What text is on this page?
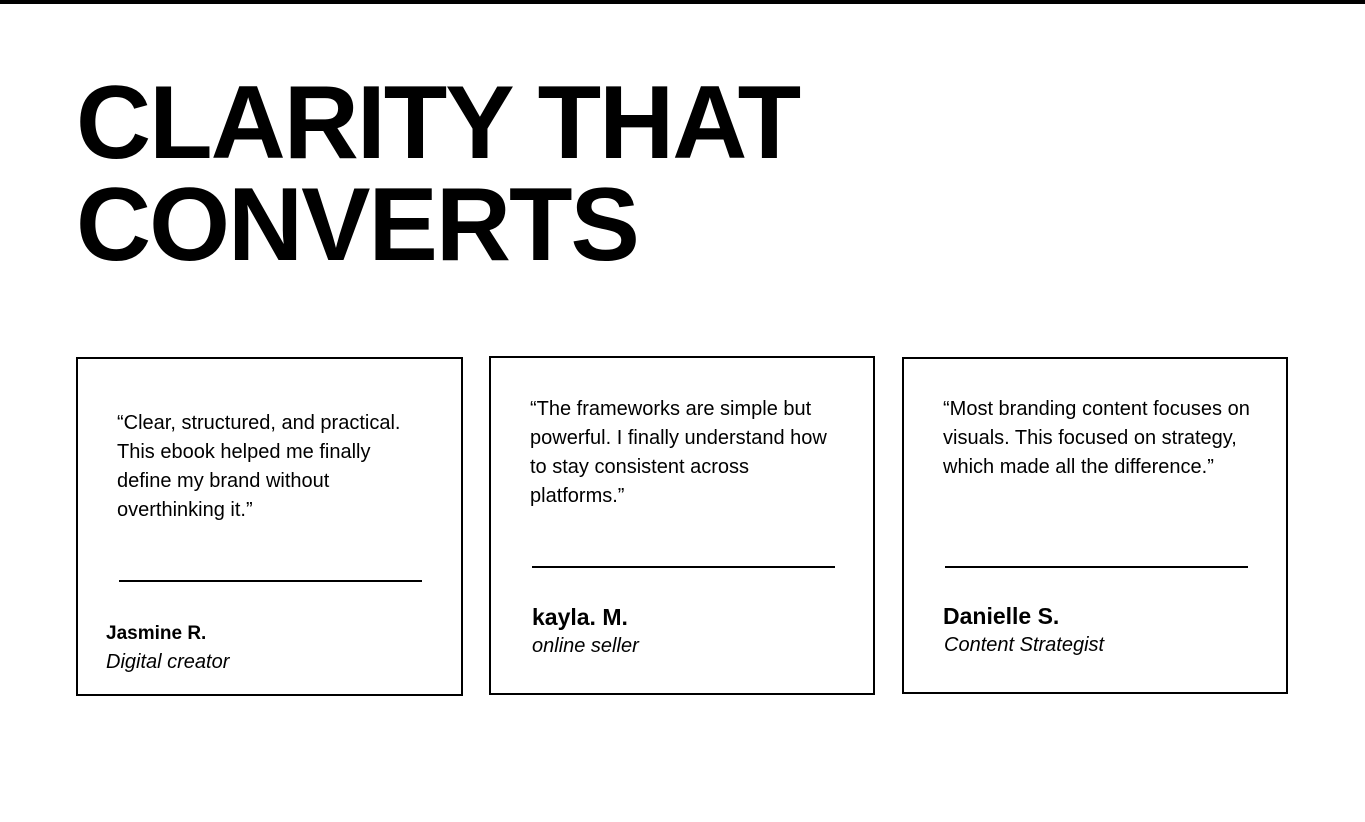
CLARITY THAT
CONVERTS

“Clear, structured, and practical. This ebook helped me finally define my brand without overthinking it.”

Jasmine R.

Digital creator

“The frameworks are simple but powerful. I finally understand how to stay consistent across platforms.”

kayla. M.

online seller

“Most branding content focuses on visuals. This focused on strategy, which made all the difference.”

Danielle S.

Content Strategist
